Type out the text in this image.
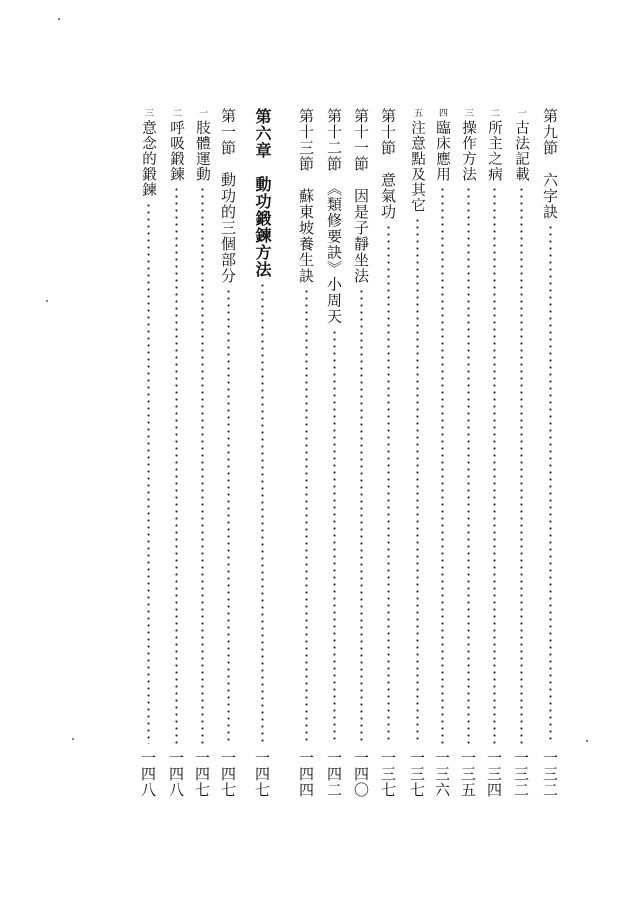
第九節　六字訣
一三二
一古法記載
一三二
二所主之病
一三四
三操作方法
一三五
四臨床應用
一三六
五注意點及其它
一三七
第十節　意氣功
一三七
第十一節　因是子靜坐法
一四〇
第十二節　《類修要訣》小周天
一四二
第十三節　蘇東坡養生訣
一四四
第六章　動功鍛鍊方法
一四七
第一節　動功的三個部分
一四七
一肢體運動
一四七
二呼吸鍛鍊
一四八
三意念的鍛鍊
一四八
